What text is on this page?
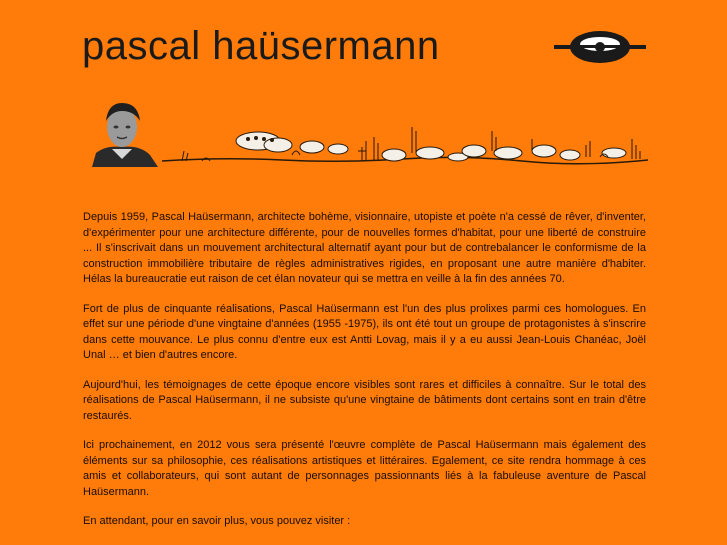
pascal haüsermann

Depuis 1959, Pascal Haüsermann, architecte bohème, visionnaire, utopiste et poète n'a cessé de rêver, d'inventer, d'expérimenter pour une architecture différente, pour de nouvelles formes d'habitat, pour une liberté de construire ... Il s'inscrivait dans un mouvement architectural alternatif ayant pour but de contrebalancer le conformisme de la construction immobilière tributaire de règles administratives rigides, en proposant une autre manière d'habiter. Hélas la bureaucratie eut raison de cet élan novateur qui se mettra en veille à la fin des années 70.

Fort de plus de cinquante réalisations, Pascal Haüsermann est l'un des plus prolixes parmi ces homologues. En effet sur une période d'une vingtaine d'années (1955 -1975), ils ont été tout un groupe de protagonistes à s'inscrire dans cette mouvance. Le plus connu d'entre eux est Antti Lovag, mais il y a eu aussi Jean-Louis Chanéac, Joël Unal … et bien d'autres encore.

Aujourd'hui, les témoignages de cette époque encore visibles sont rares et difficiles à connaître. Sur le total des réalisations de Pascal Haüsermann, il ne subsiste qu'une vingtaine de bâtiments dont certains sont en train d'être restaurés.

Ici prochainement, en 2012 vous sera présenté l'œuvre complète de Pascal Haüsermann mais également des éléments sur sa philosophie, ces réalisations artistiques et littéraires. Egalement, ce site rendra hommage à ces amis et collaborateurs, qui sont autant de personnages passionnants liés à la fabuleuse aventure de Pascal Haüsermann.

En attendant, pour en savoir plus, vous pouvez visiter :
